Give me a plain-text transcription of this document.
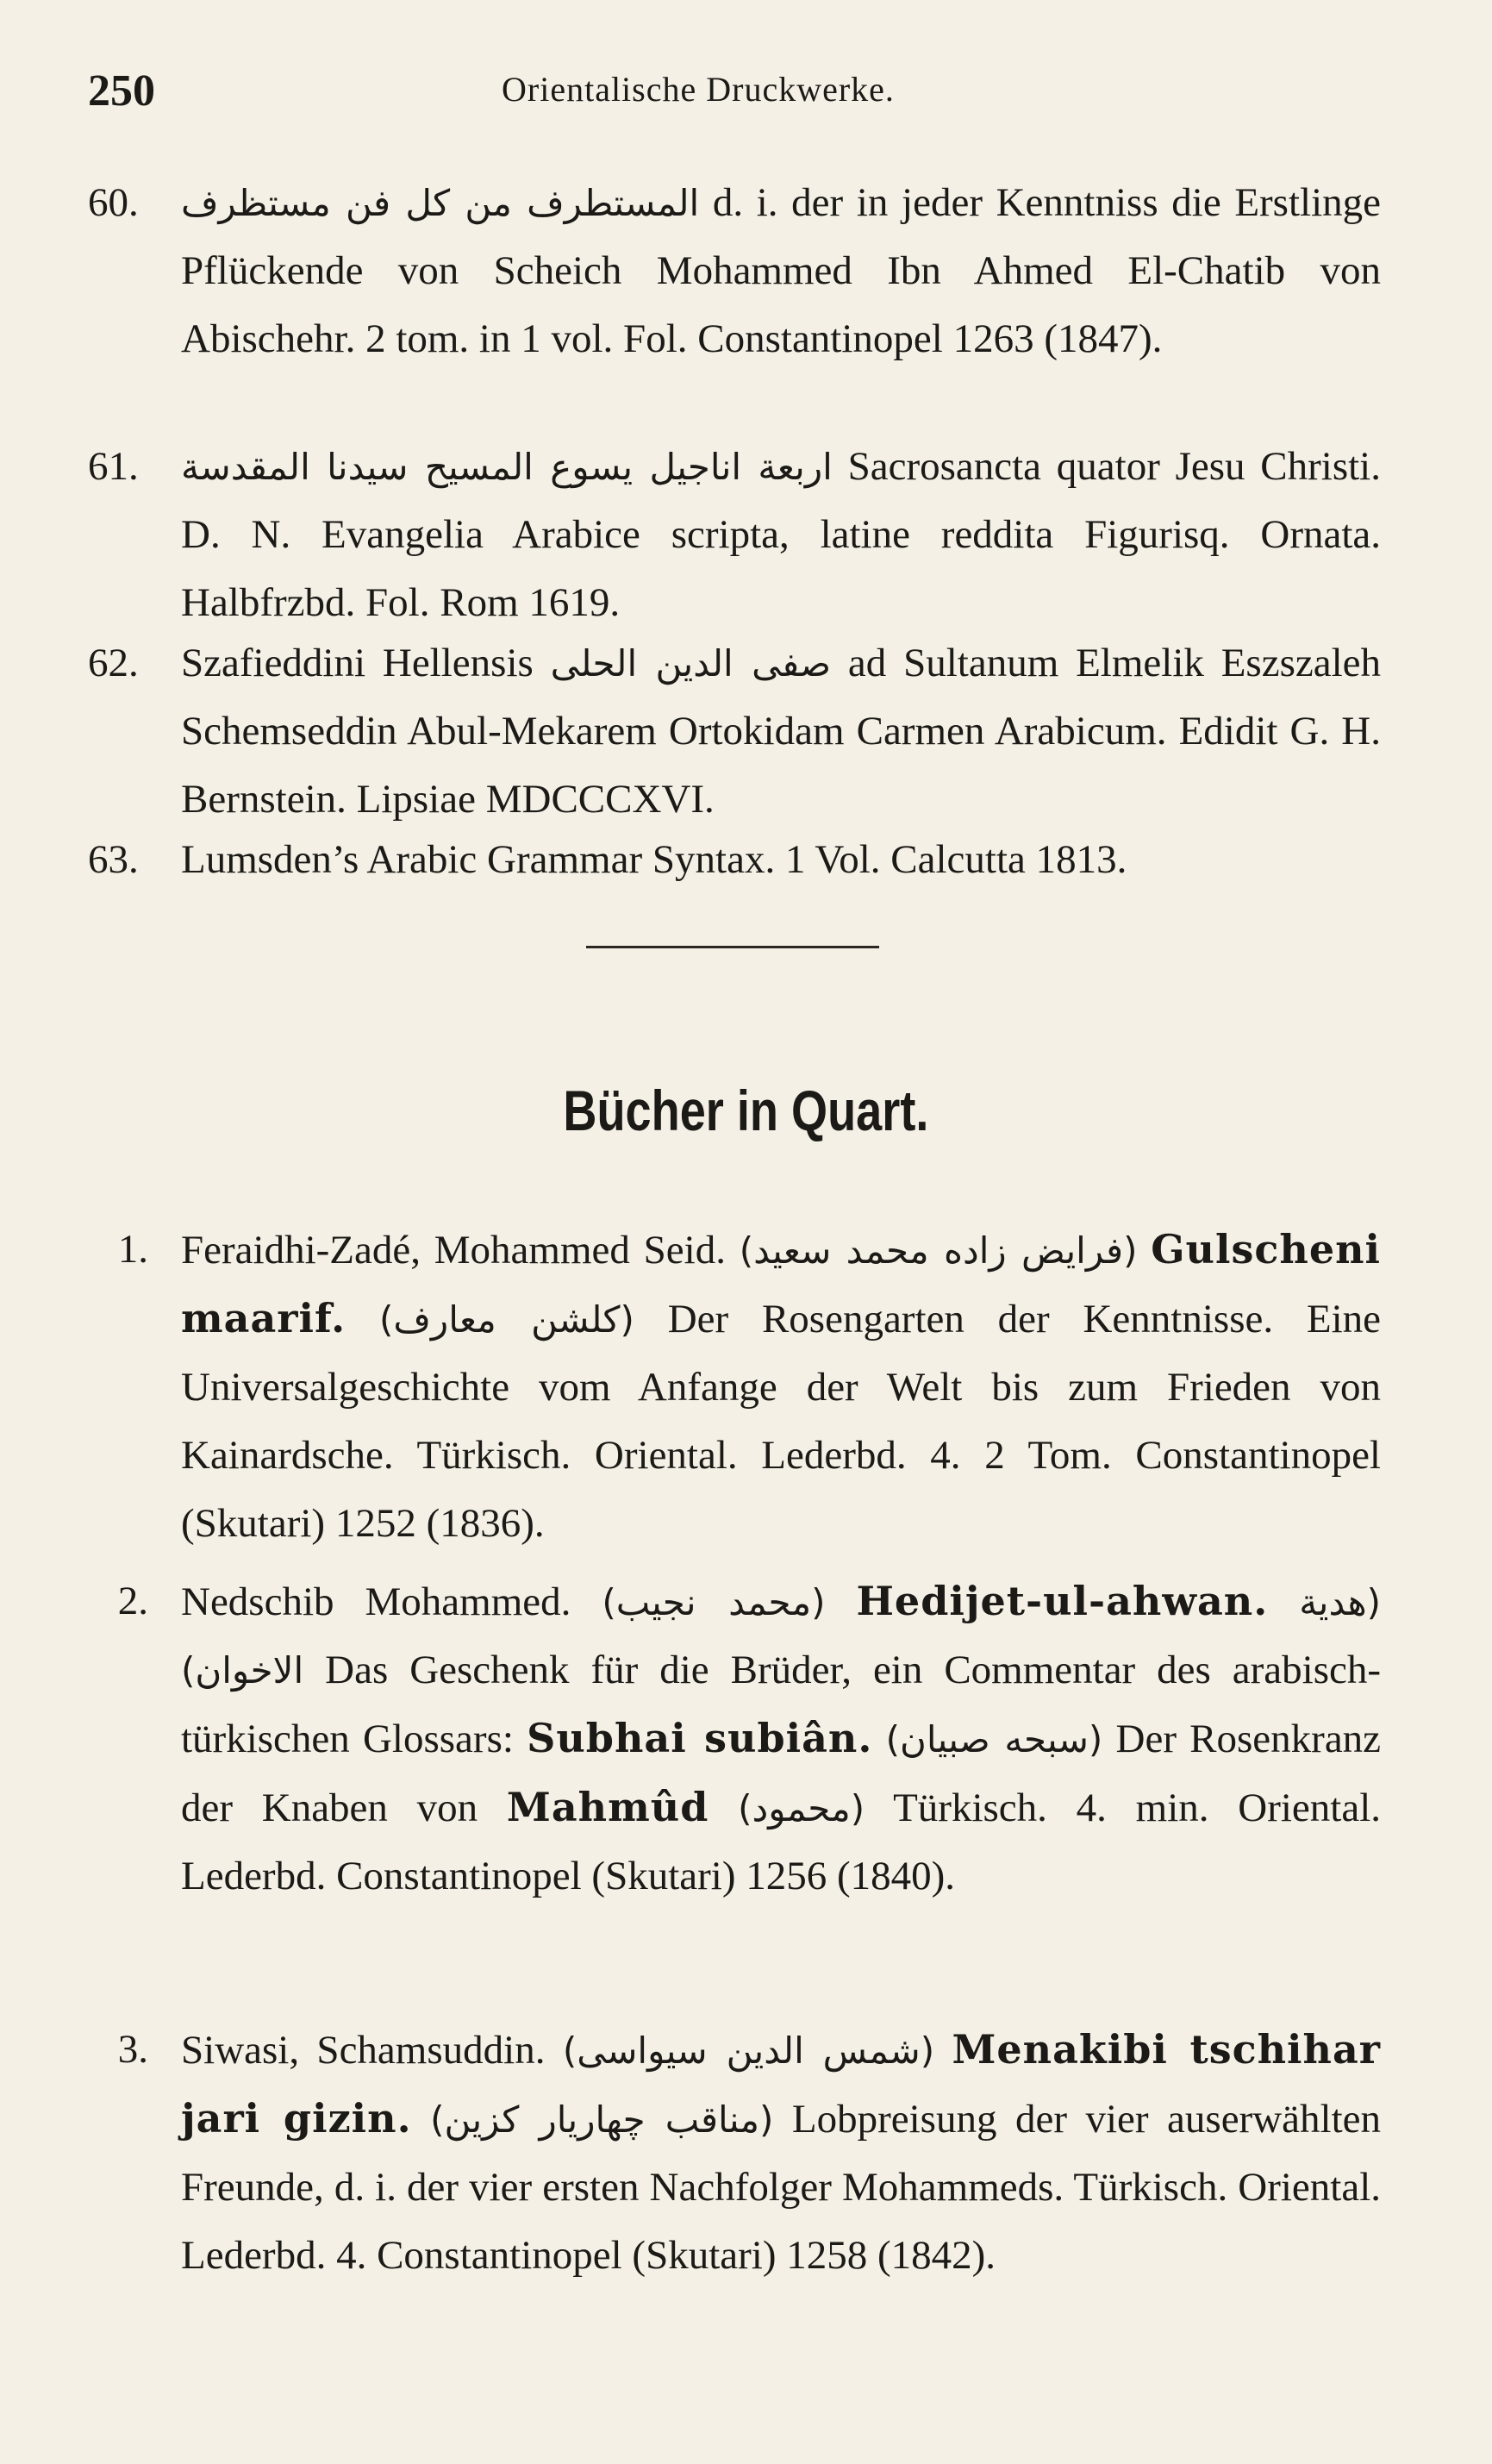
250	Orientalische Druckwerke.
60.	المستطرف من كل فن مستظرف d. i. der in jeder Kenntniss die Erstlinge Pflückende von Scheich Mohammed Ibn Ahmed El-Chatib von Abischehr. 2 tom. in 1 vol. Fol. Constantinopel 1263 (1847).
61.	اربعة اناجيل يسوع المسيح سيدنا المقدسة Sacrosancta quator Jesu Christi. D. N. Evangelia Arabice scripta, latine reddita Figurisq. Ornata. Halbfrzbd. Fol. Rom 1619.
62.	Szafieddini Hellensis صفى الدين الحلى ad Sultanum Elmelik Eszszaleh Schemseddin Abul-Mekarem Ortokidam Carmen Arabicum. Edidit G. H. Bernstein. Lipsiae MDCCCXVI.
63.	Lumsden’s Arabic Grammar Syntax. 1 Vol. Calcutta 1813.
Bücher in Quart.
1. Feraidhi-Zadé, Mohammed Seid. (فرايض زاده محمد سعيد) Gulscheni maarif. (كلشن معارف) Der Rosengarten der Kenntnisse. Eine Universalgeschichte vom Anfange der Welt bis zum Frieden von Kainardsche. Türkisch. Oriental. Lederbd. 4. 2 Tom. Constantinopel (Skutari) 1252 (1836).
2. Nedschib Mohammed. (محمد نجيب) Hedijet-ul-ahwan. (هدية الاخوان) Das Geschenk für die Brüder, ein Commentar des arabisch-türkischen Glossars: Subhai subiân. (سبحه صبيان) Der Rosenkranz der Knaben von Mahmûd (محمود) Türkisch. 4. min. Oriental. Lederbd. Constantinopel (Skutari) 1256 (1840).
3. Siwasi, Schamsuddin. (شمس الدين سيواسى) Menakibi tschihar jari gizin. (مناقب چهاريار كزين) Lobpreisung der vier auserwählten Freunde, d. i. der vier ersten Nachfolger Mohammeds. Türkisch. Oriental. Lederbd. 4. Constantinopel (Skutari) 1258 (1842).
